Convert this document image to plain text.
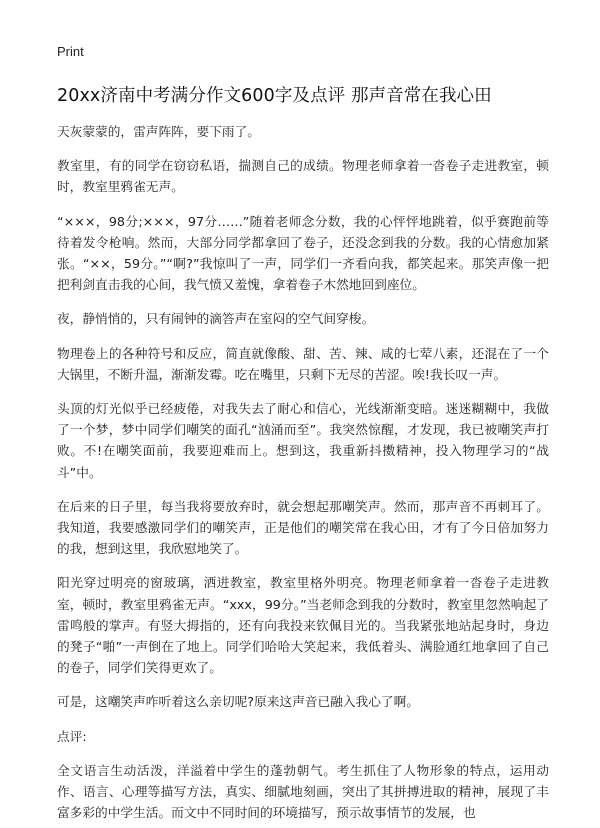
Print
20xx济南中考满分作文600字及点评 那声音常在我心田

天灰蒙蒙的，雷声阵阵，要下雨了。

教室里，有的同学在窃窃私语，揣测自己的成绩。物理老师拿着一沓卷子走进教室，顿时，教室里鸦雀无声。

“×××，98分;×××，97分……”随着老师念分数，我的心怦怦地跳着，似乎赛跑前等待着发令枪响。然而，大部分同学都拿回了卷子，还没念到我的分数。我的心情愈加紧张。“××，59分。”“啊?”我惊叫了一声，同学们一齐看向我，都笑起来。那笑声像一把把利剑直击我的心间，我气愤又羞愧，拿着卷子木然地回到座位。

夜，静悄悄的，只有闹钟的滴答声在室闷的空气间穿梭。

物理卷上的各种符号和反应，简直就像酸、甜、苦、辣、咸的七荤八素，还混在了一个大锅里，不断升温，渐渐发霉。吃在嘴里，只剩下无尽的苦涩。唉!我长叹一声。

头顶的灯光似乎已经疲倦，对我失去了耐心和信心，光线渐渐变暗。迷迷糊糊中，我做了一个梦，梦中同学们嘲笑的面孔“汹涌而至”。我突然惊醒，才发现，我已被嘲笑声打败。不!在嘲笑面前，我要迎难而上。想到这，我重新抖擞精神，投入物理学习的“战斗”中。

在后来的日子里，每当我将要放弃时，就会想起那嘲笑声。然而，那声音不再刺耳了。我知道，我要感激同学们的嘲笑声，正是他们的嘲笑常在我心田，才有了今日倍加努力的我，想到这里，我欣慰地笑了。

阳光穿过明亮的窗玻璃，洒进教室，教室里格外明亮。物理老师拿着一沓卷子走进教室，顿时，教室里鸦雀无声。“xxx，99分。”当老师念到我的分数时，教室里忽然响起了雷鸣般的掌声。有竖大拇指的，还有向我投来钦佩目光的。当我紧张地站起身时，身边的凳子“啪”一声倒在了地上。同学们哈哈大笑起来，我低着头、满脸通红地拿回了自己的卷子，同学们笑得更欢了。

可是，这嘲笑声咋听着这么亲切呢?原来这声音已融入我心了啊。

点评:

全文语言生动活泼，洋溢着中学生的蓬勃朝气。考生抓住了人物形象的特点，运用动作、语言、心理等描写方法，真实、细腻地刻画，突出了其拼搏进取的精神，展现了丰富多彩的中学生活。而文中不同时间的环境描写，预示故事情节的发展，也
